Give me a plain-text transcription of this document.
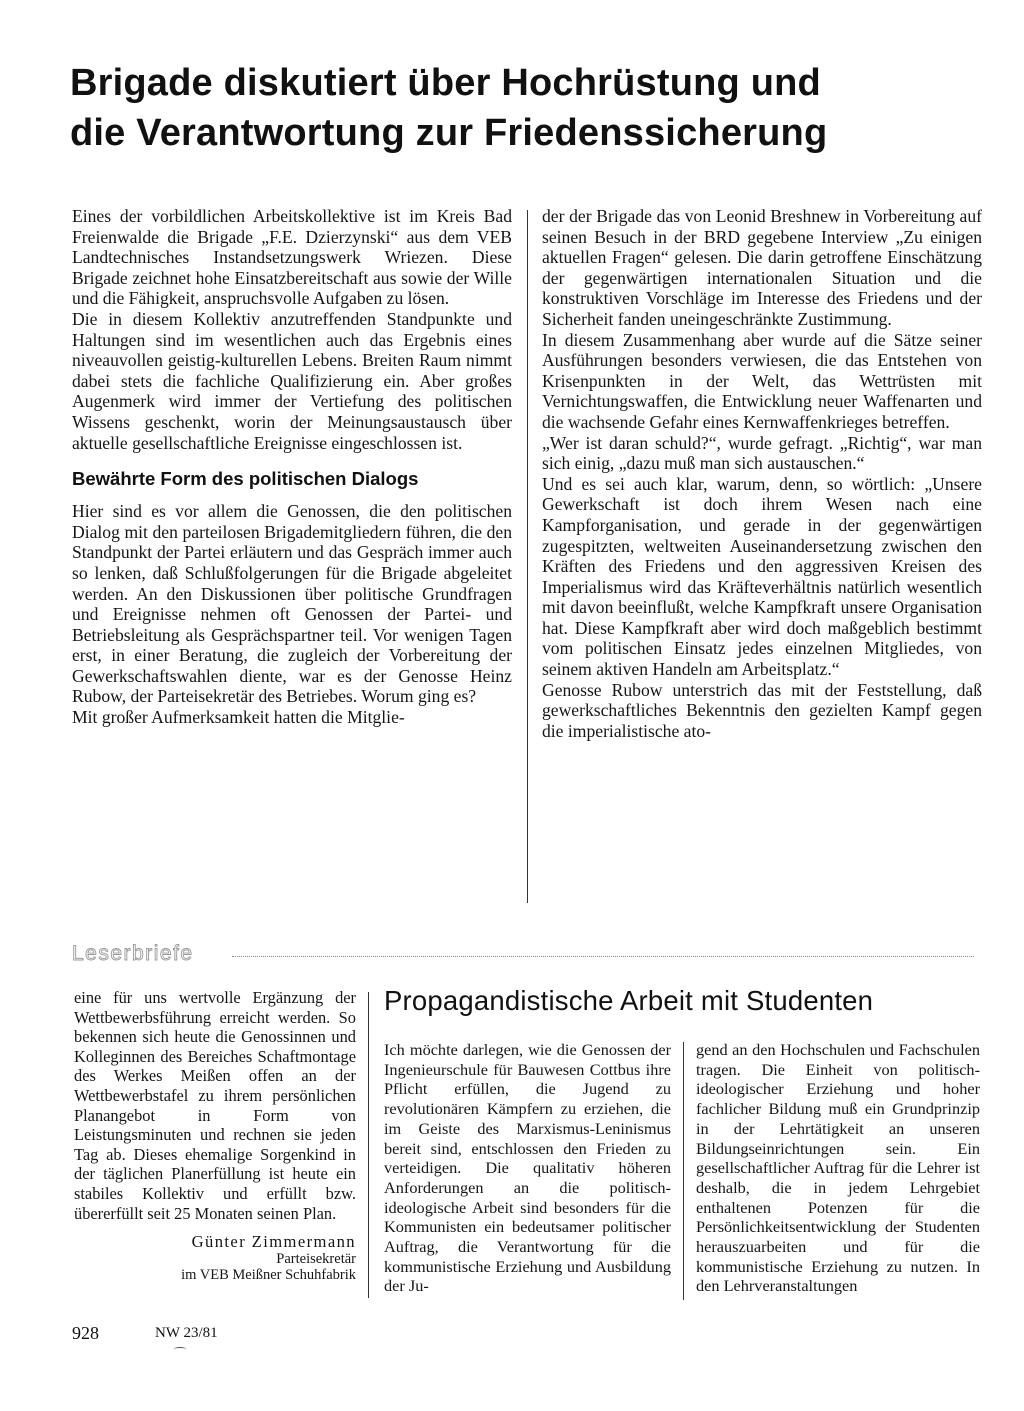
Brigade diskutiert über Hochrüstung und
die Verantwortung zur Friedenssicherung

Eines der vorbildlichen Arbeitskollektive ist im Kreis Bad Freienwalde die Brigade „F.E. Dzierzynski“ aus dem VEB Landtechnisches Instandsetzungswerk Wriezen. Diese Brigade zeichnet hohe Einsatzbereitschaft aus sowie der Wille und die Fähigkeit, anspruchsvolle Aufgaben zu lösen.

Die in diesem Kollektiv anzutreffenden Standpunkte und Haltungen sind im wesentlichen auch das Ergebnis eines niveauvollen geistig-kulturellen Lebens. Breiten Raum nimmt dabei stets die fachliche Qualifizierung ein. Aber großes Augenmerk wird immer der Vertiefung des politischen Wissens geschenkt, worin der Meinungsaustausch über aktuelle gesellschaftliche Ereignisse eingeschlossen ist.

Bewährte Form des politischen Dialogs

Hier sind es vor allem die Genossen, die den politischen Dialog mit den parteilosen Brigademitgliedern führen, die den Standpunkt der Partei erläutern und das Gespräch immer auch so lenken, daß Schlußfolgerungen für die Brigade abgeleitet werden. An den Diskussionen über politische Grundfragen und Ereignisse nehmen oft Genossen der Partei- und Betriebsleitung als Gesprächspartner teil. Vor wenigen Tagen erst, in einer Beratung, die zugleich der Vorbereitung der Gewerkschaftswahlen diente, war es der Genosse Heinz Rubow, der Parteisekretär des Betriebes. Worum ging es?

Mit großer Aufmerksamkeit hatten die Mitglie-

der der Brigade das von Leonid Breshnew in Vorbereitung auf seinen Besuch in der BRD gegebene Interview „Zu einigen aktuellen Fragen“ gelesen. Die darin getroffene Einschätzung der gegenwärtigen internationalen Situation und die konstruktiven Vorschläge im Interesse des Friedens und der Sicherheit fanden uneingeschränkte Zustimmung.

In diesem Zusammenhang aber wurde auf die Sätze seiner Ausführungen besonders verwiesen, die das Entstehen von Krisenpunkten in der Welt, das Wettrüsten mit Vernichtungswaffen, die Entwicklung neuer Waffenarten und die wachsende Gefahr eines Kernwaffenkrieges betreffen.

„Wer ist daran schuld?“, wurde gefragt. „Richtig“, war man sich einig, „dazu muß man sich austauschen.“

Und es sei auch klar, warum, denn, so wörtlich: „Unsere Gewerkschaft ist doch ihrem Wesen nach eine Kampforganisation, und gerade in der gegenwärtigen zugespitzten, weltweiten Auseinandersetzung zwischen den Kräften des Friedens und den aggressiven Kreisen des Imperialismus wird das Kräfteverhältnis natürlich wesentlich mit davon beeinflußt, welche Kampfkraft unsere Organisation hat. Diese Kampfkraft aber wird doch maßgeblich bestimmt vom politischen Einsatz jedes einzelnen Mitgliedes, von seinem aktiven Handeln am Arbeitsplatz.“

Genosse Rubow unterstrich das mit der Feststellung, daß gewerkschaftliches Bekenntnis den gezielten Kampf gegen die imperialistische ato-

Leserbriefe
eine für uns wertvolle Ergänzung der Wettbewerbsführung erreicht werden. So bekennen sich heute die Genossinnen und Kolleginnen des Bereiches Schaftmontage des Werkes Meißen offen an der Wettbewerbstafel zu ihrem persönlichen Planangebot in Form von Leistungsminuten und rechnen sie jeden Tag ab. Dieses ehemalige Sorgenkind in der täglichen Planerfüllung ist heute ein stabiles Kollektiv und erfüllt bzw. übererfüllt seit 25 Monaten seinen Plan.
Günter Zimmermann
Parteisekretär
im VEB Meißner Schuhfabrik
Propagandistische Arbeit mit Studenten
Ich möchte darlegen, wie die Genossen der Ingenieurschule für Bauwesen Cottbus ihre Pflicht erfüllen, die Jugend zu revolutionären Kämpfern zu erziehen, die im Geiste des Marxismus-Leninismus bereit sind, entschlossen den Frieden zu verteidigen. Die qualitativ höheren Anforderungen an die politisch-ideologische Arbeit sind besonders für die Kommunisten ein bedeutsamer politischer Auftrag, die Verantwortung für die kommunistische Erziehung und Ausbildung der Ju-
gend an den Hochschulen und Fachschulen tragen. Die Einheit von politisch-ideologischer Erziehung und hoher fachlicher Bildung muß ein Grundprinzip in der Lehrtätigkeit an unseren Bildungseinrichtungen sein. Ein gesellschaftlicher Auftrag für die Lehrer ist deshalb, die in jedem Lehrgebiet enthaltenen Potenzen für die Persönlichkeitsentwicklung der Studenten herauszuarbeiten und für die kommunistische Erziehung zu nutzen. In den Lehrveranstaltungen
928	NW 23/81
